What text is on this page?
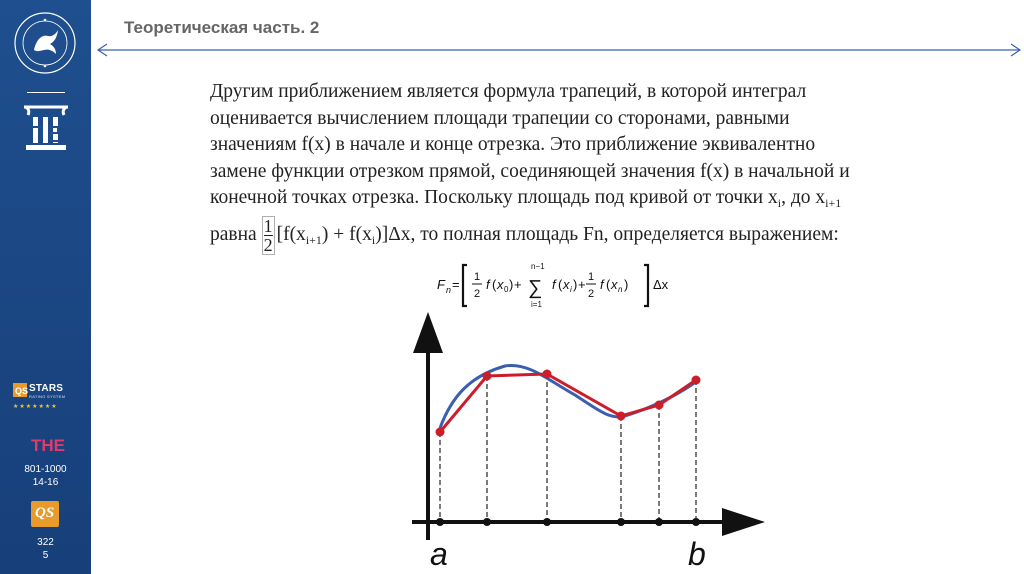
QS STARS
RATING SYSTEM
★★★★★★★
THE
801-1000
14-16
QS
322
5
Теоретическая часть. 2
Другим приближением является формула трапеций, в которой интеграл
оценивается вычислением площади трапеции со сторонами, равными
значениям f(x) в начале и конце отрезка. Это приближение эквивалентно
замене функции отрезком прямой, соединяющей значения f(x) в начальной и
конечной точках отрезка. Поскольку площадь под кривой от точки $x_i$, до $x_{i+1}$
равна $\frac{1}{2} [f(x_{i+1}) + f(x_i)]\Delta x$, то полная площадь Fn, определяется выражением:
F n = 1
2
f ( x 0 ) +
n−1
∑
i=1
f ( x i ) + 1
2
f ( x n ) Δx
a	b
